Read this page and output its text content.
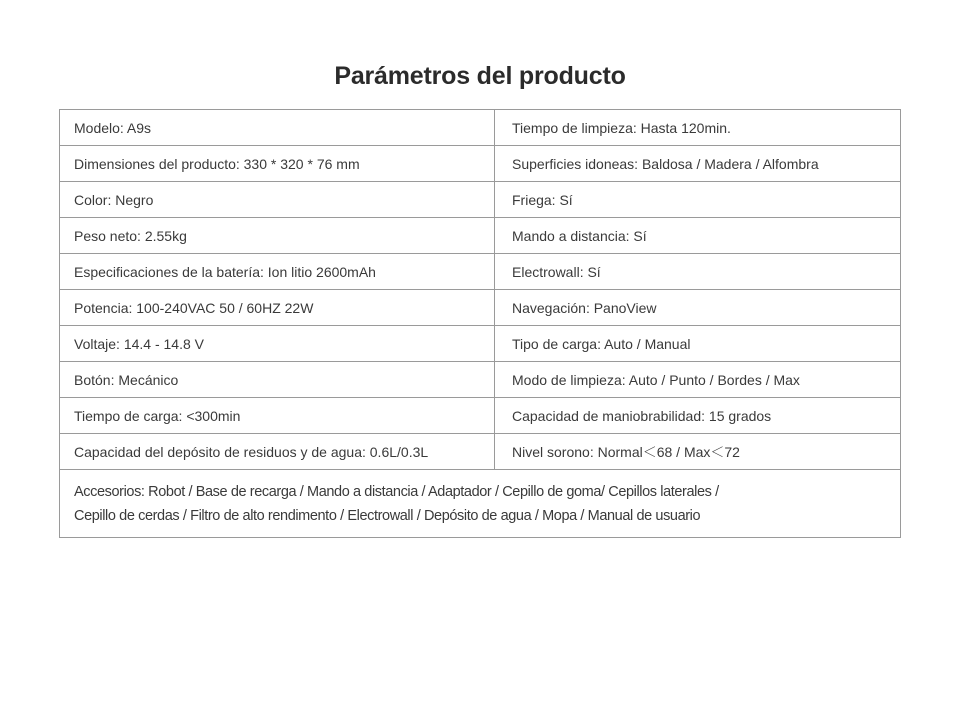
Parámetros del producto
Modelo: A9s	Tiempo de limpieza: Hasta 120min.
Dimensiones del producto: 330 * 320 * 76 mm	Superficies idoneas: Baldosa / Madera / Alfombra
Color: Negro	Friega: Sí
Peso neto: 2.55kg	Mando a distancia: Sí
Especificaciones de la batería: Ion litio 2600mAh	Electrowall: Sí
Potencia: 100-240VAC 50 / 60HZ 22W	Navegación: PanoView
Voltaje: 14.4 - 14.8 V	Tipo de carga: Auto / Manual
Botón: Mecánico	Modo de limpieza: Auto / Punto / Bordes / Max
Tiempo de carga: <300min	Capacidad de maniobrabilidad: 15 grados
Capacidad del depósito de residuos y de agua: 0.6L/0.3L	Nivel sorono: Normal＜68 / Max＜72

Accesorios: Robot / Base de recarga / Mando a distancia / Adaptador / Cepillo de goma/ Cepillos laterales /
Cepillo de cerdas / Filtro de alto rendimento / Electrowall / Depósito de agua / Mopa / Manual de usuario	
